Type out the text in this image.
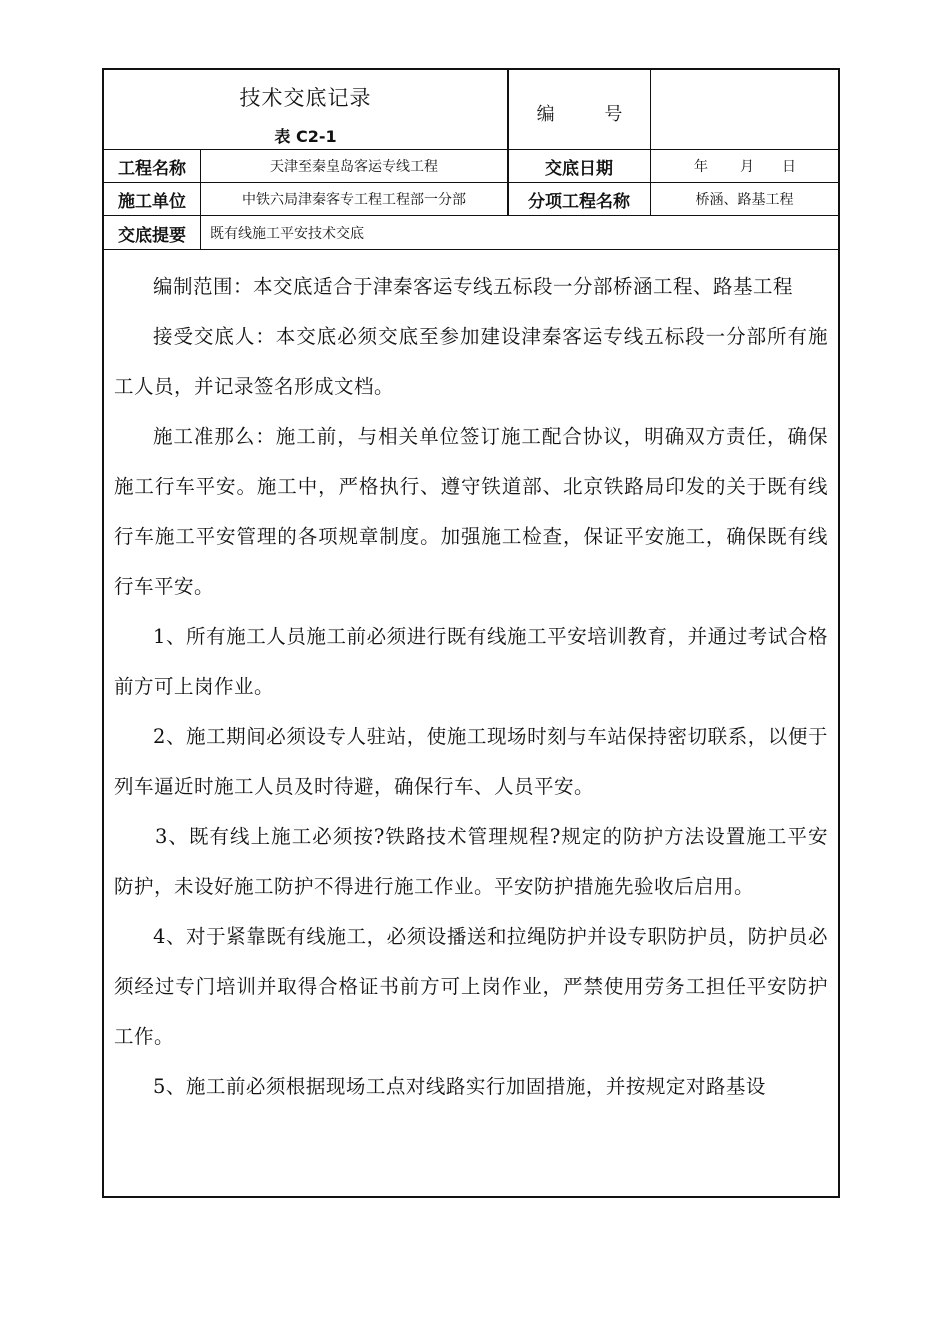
技术交底记录
表 C2-1
编 号
工程名称	天津至秦皇岛客运专线工程	交底日期	年 月 日
施工单位	中铁六局津秦客专工程工程部一分部	分项工程名称	桥涵、路基工程
交底提要	既有线施工平安技术交底

编制范围：本交底适合于津秦客运专线五标段一分部桥涵工程、路基工程

接受交底人：本交底必须交底至参加建设津秦客运专线五标段一分部所有施工人员，并记录签名形成文档。

施工准那么：施工前，与相关单位签订施工配合协议，明确双方责任，确保施工行车平安。施工中，严格执行、遵守铁道部、北京铁路局印发的关于既有线行车施工平安管理的各项规章制度。加强施工检查，保证平安施工，确保既有线行车平安。

1、所有施工人员施工前必须进行既有线施工平安培训教育，并通过考试合格前方可上岗作业。

2、施工期间必须设专人驻站，使施工现场时刻与车站保持密切联系，以便于列车逼近时施工人员及时待避，确保行车、人员平安。

3、既有线上施工必须按?铁路技术管理规程?规定的防护方法设置施工平安防护，未设好施工防护不得进行施工作业。平安防护措施先验收后启用。

4、对于紧靠既有线施工，必须设播送和拉绳防护并设专职防护员，防护员必须经过专门培训并取得合格证书前方可上岗作业，严禁使用劳务工担任平安防护工作。

5、施工前必须根据现场工点对线路实行加固措施，并按规定对路基设
